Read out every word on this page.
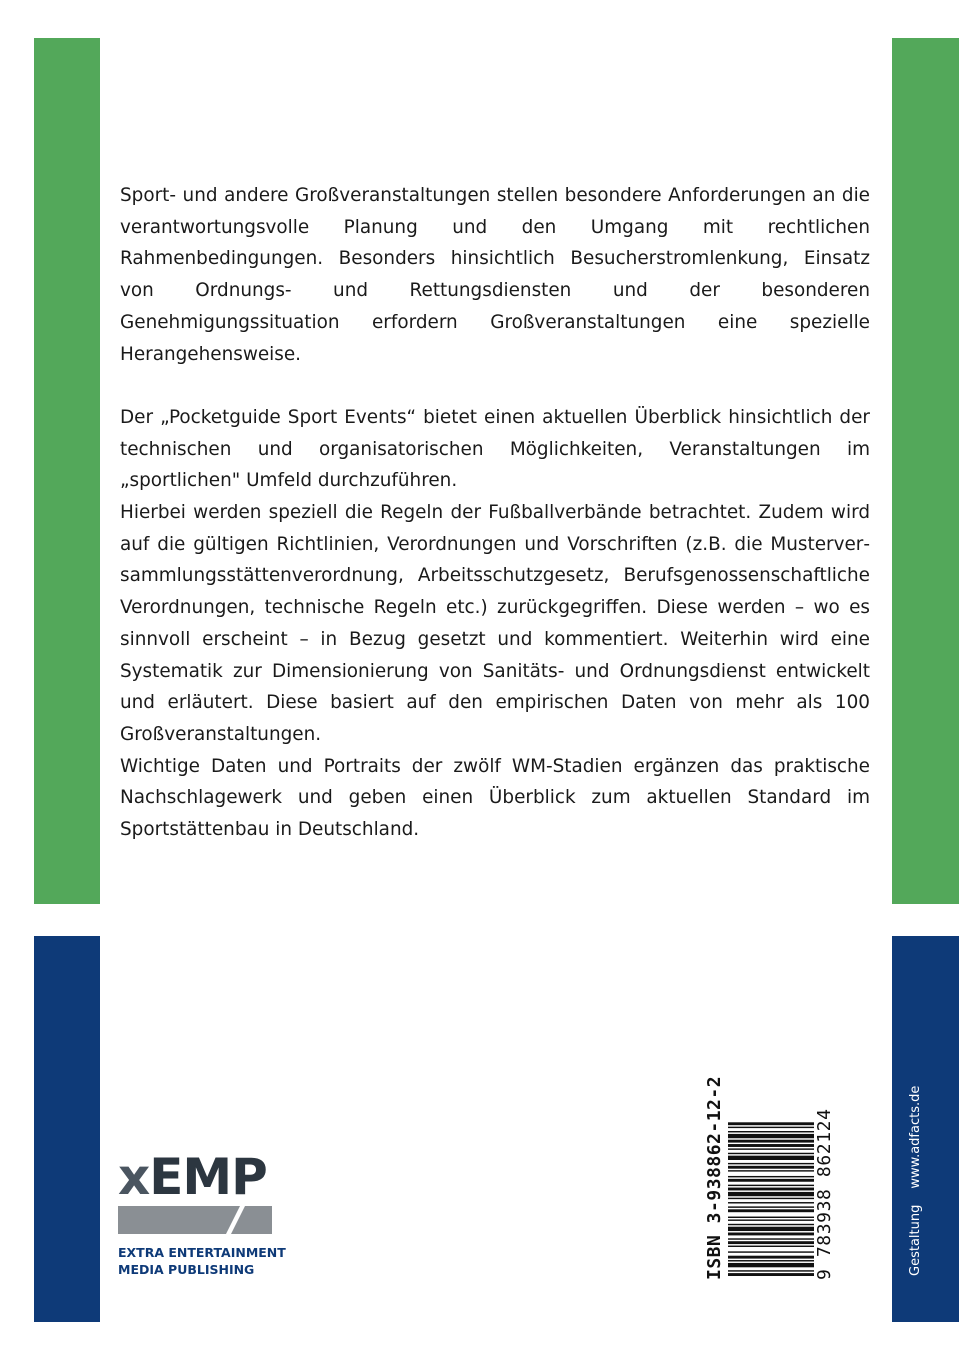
Sport- und andere Großveranstaltungen stellen besondere Anforderungen an die verantwortungsvolle Planung und den Umgang mit rechtlichen Rahmenbedingungen. Besonders hinsichtlich Besucherstromlenkung, Einsatz von Ordnungs- und Rettungsdiensten und der besonderen Genehmigungssituation erfordern Großveranstaltungen eine spezielle Herangehensweise.

Der „Pocketguide Sport Events“ bietet einen aktuellen Überblick hinsichtlich der technischen und organisatorischen Möglichkeiten, Veranstaltungen im „sportlichen" Umfeld durchzuführen.

Hierbei werden speziell die Regeln der Fußballverbände betrachtet. Zudem wird auf die gültigen Richtlinien, Verordnungen und Vorschriften (z.B. die Musterversammlungsstättenverordnung, Arbeitsschutzgesetz, Berufsgenossenschaftliche Verordnungen, technische Regeln etc.) zurückgegriffen. Diese werden – wo es sinnvoll erscheint – in Bezug gesetzt und kommentiert. Weiterhin wird eine Systematik zur Dimensionierung von Sanitäts- und Ordnungsdienst entwickelt und erläutert. Diese basiert auf den empirischen Daten von mehr als 100 Großveranstaltungen.

Wichtige Daten und Portraits der zwölf WM-Stadien ergänzen das praktische Nachschlagewerk und geben einen Überblick zum aktuellen Standard im Sportstättenbau in Deutschland.

xEMP
EXTRA ENTERTAINMENT
MEDIA PUBLISHING	ISBN 3-938862-12-2	9 783938 862124	Gestaltungwww.adfacts.de
